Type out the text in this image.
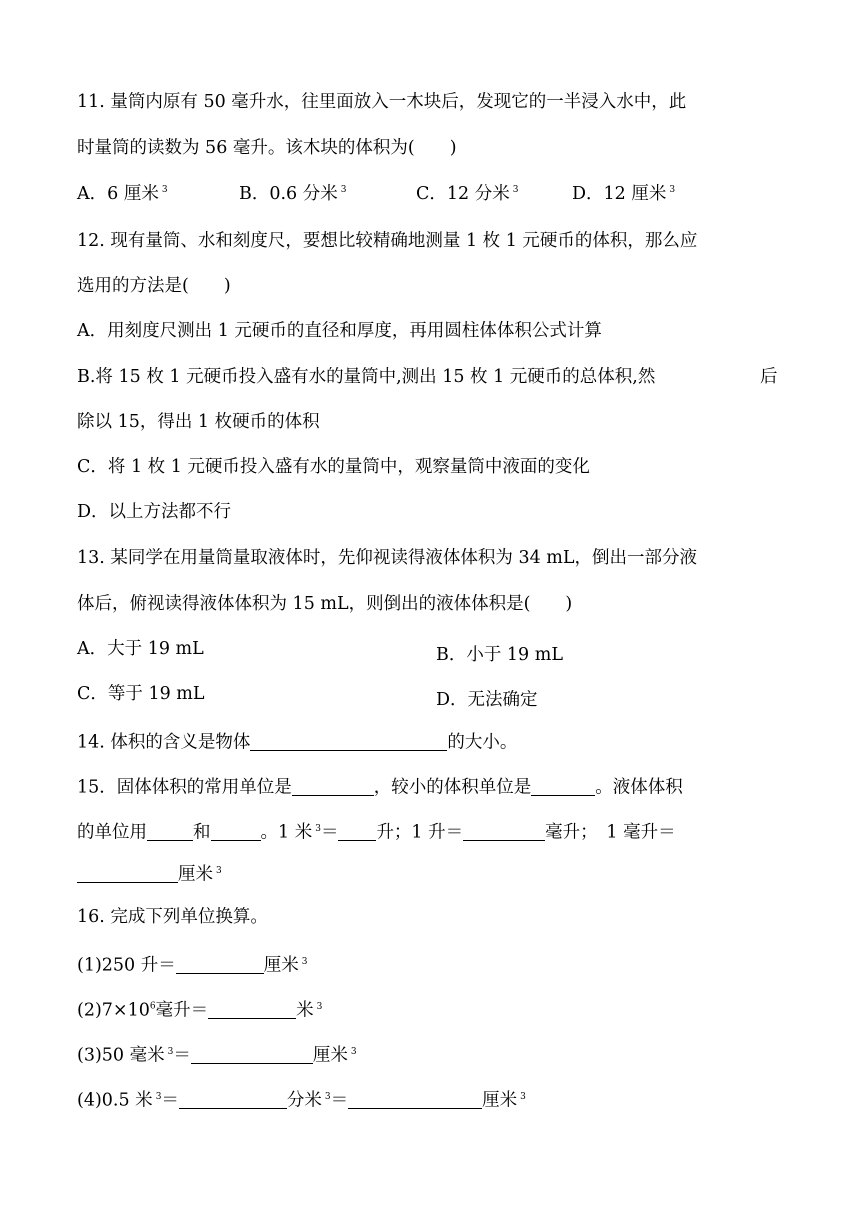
11. 量筒内原有 50 毫升水，往里面放入一木块后，发现它的一半浸入水中，此
时量筒的读数为 56 毫升。该木块的体积为(　　)
A．6 厘米 $^3$	B．0.6 分米 $^3$	C．12 分米 $^3$	D．12 厘米 $^3$
12. 现有量筒、水和刻度尺，要想比较精确地测量 1 枚 1 元硬币的体积，那么应
选用的方法是(　　)
A．用刻度尺测出 1 元硬币的直径和厚度，再用圆柱体体积公式计算
B.将 15 枚 1 元硬币投入盛有水的量筒中,测出 15 枚 1 元硬币的总体积,然	后
除以 15，得出 1 枚硬币的体积
C．将 1 枚 1 元硬币投入盛有水的量筒中，观察量筒中液面的变化
D．以上方法都不行
13. 某同学在用量筒量取液体时，先仰视读得液体体积为 34 mL，倒出一部分液
体后，俯视读得液体体积为 15 mL，则倒出的液体体积是(　　)
A．大于 19 mL	B．小于 19 mL
C．等于 19 mL	D．无法确定
14. 体积的含义是物体	的大小。
15．固体体积的常用单位是	，较小的体积单位是	。液体体积
的单位用	和	。1 米 $^3$＝ 升；1 升＝	毫升；　1 毫升＝
厘米 $^3$
16. 完成下列单位换算。
(1)250 升＝	厘米 $^3$
$(2)7\times 10^6$毫升＝	米 $^3$
(3)50 毫米 $^3$＝	厘米 $^3$
(4)0.5 米 $^3$＝	分米 $^3$＝	厘米 $^3$
